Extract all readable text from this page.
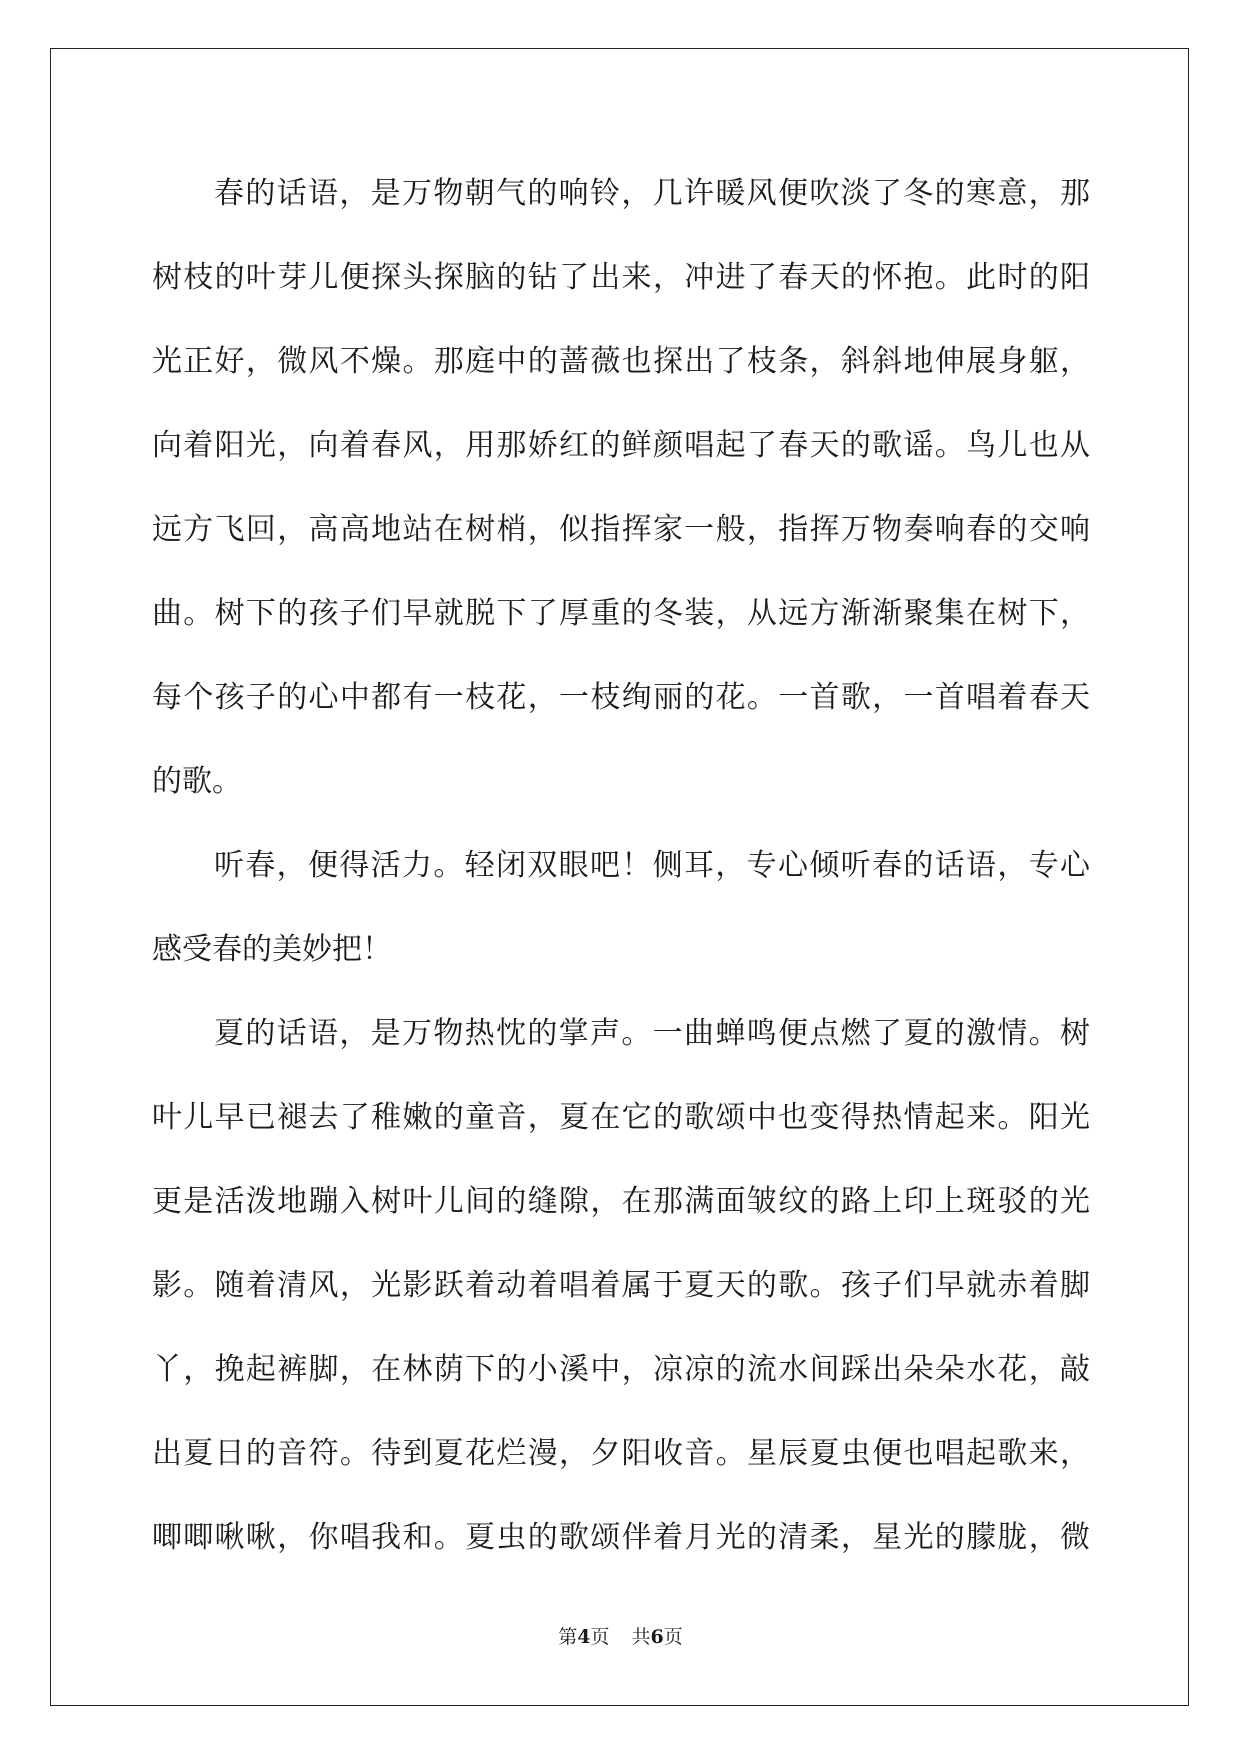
春的话语，是万物朝气的响铃，几许暖风便吹淡了冬的寒意，那
树枝的叶芽儿便探头探脑的钻了出来，冲进了春天的怀抱。此时的阳
光正好，微风不燥。那庭中的蔷薇也探出了枝条，斜斜地伸展身躯，
向着阳光，向着春风，用那娇红的鲜颜唱起了春天的歌谣。鸟儿也从
远方飞回，高高地站在树梢，似指挥家一般，指挥万物奏响春的交响
曲。树下的孩子们早就脱下了厚重的冬装，从远方渐渐聚集在树下，
每个孩子的心中都有一枝花，一枝绚丽的花。一首歌，一首唱着春天
的歌。
听春，便得活力。轻闭双眼吧！侧耳，专心倾听春的话语，专心
感受春的美妙把！
夏的话语，是万物热忱的掌声。一曲蝉鸣便点燃了夏的激情。树
叶儿早已褪去了稚嫩的童音，夏在它的歌颂中也变得热情起来。阳光
更是活泼地蹦入树叶儿间的缝隙，在那满面皱纹的路上印上斑驳的光
影。随着清风，光影跃着动着唱着属于夏天的歌。孩子们早就赤着脚
丫，挽起裤脚，在林荫下的小溪中，凉凉的流水间踩出朵朵水花，敲
出夏日的音符。待到夏花烂漫，夕阳收音。星辰夏虫便也唱起歌来，
唧唧啾啾，你唱我和。夏虫的歌颂伴着月光的清柔，星光的朦胧，微
第4页 共6页
